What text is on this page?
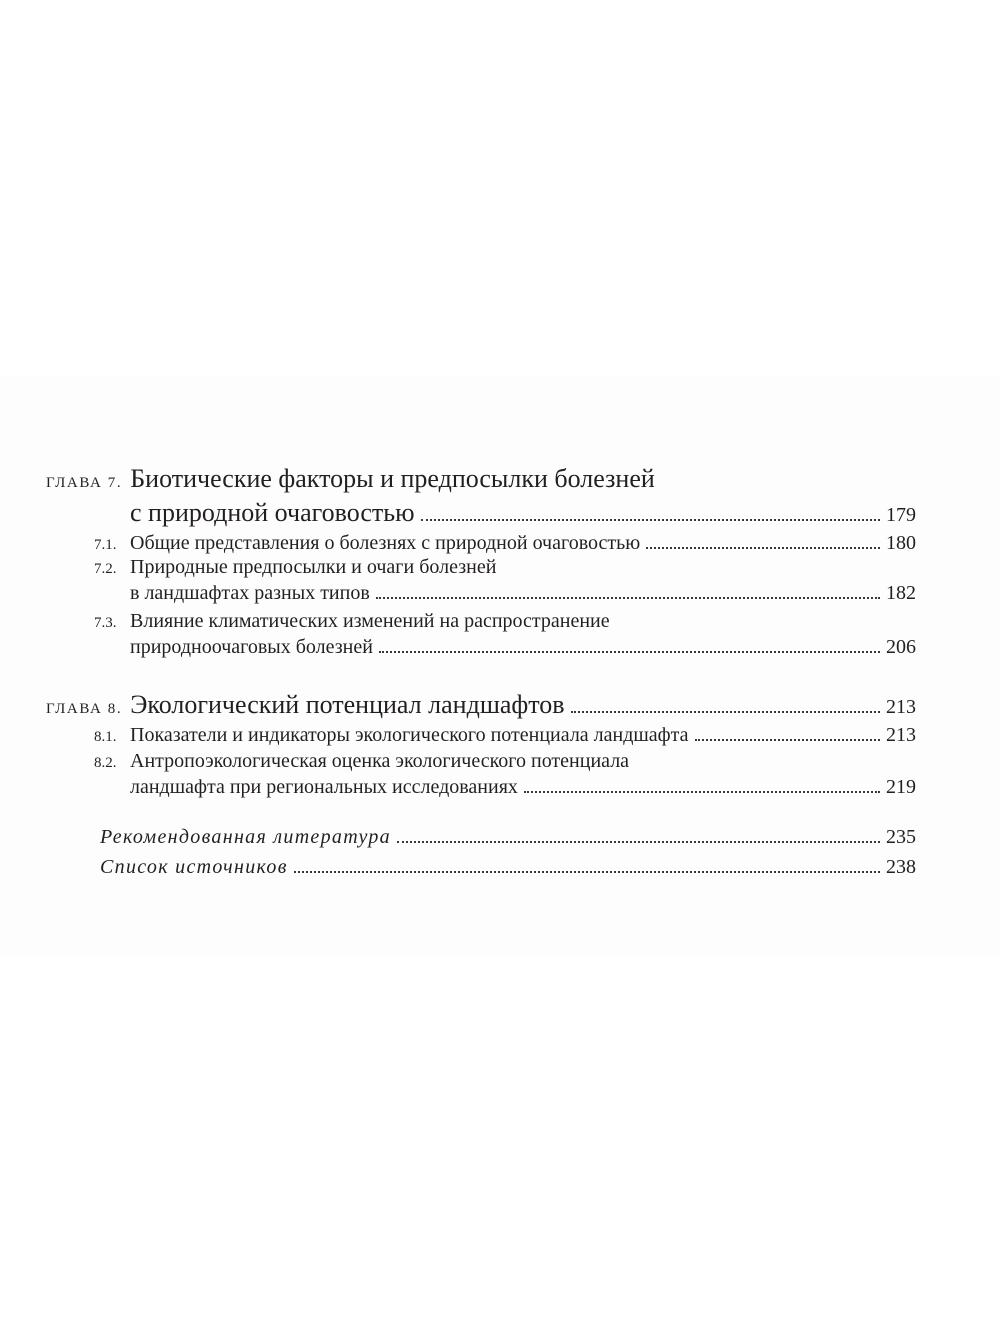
ГЛАВА 7. Биотические факторы и предпосылки болезней
с природной очаговостью	179
7.1. Общие представления о болезнях с природной очаговостью	180
7.2. Природные предпосылки и очаги болезней
в ландшафтах разных типов	182
7.3. Влияние климатических изменений на распространение
природноочаговых болезней	206
ГЛАВА 8. Экологический потенциал ландшафтов	213
8.1. Показатели и индикаторы экологического потенциала ландшафта	213
8.2. Антропоэкологическая оценка экологического потенциала
ландшафта при региональных исследованиях	219
Рекомендованная литература	235
Список источников	238
